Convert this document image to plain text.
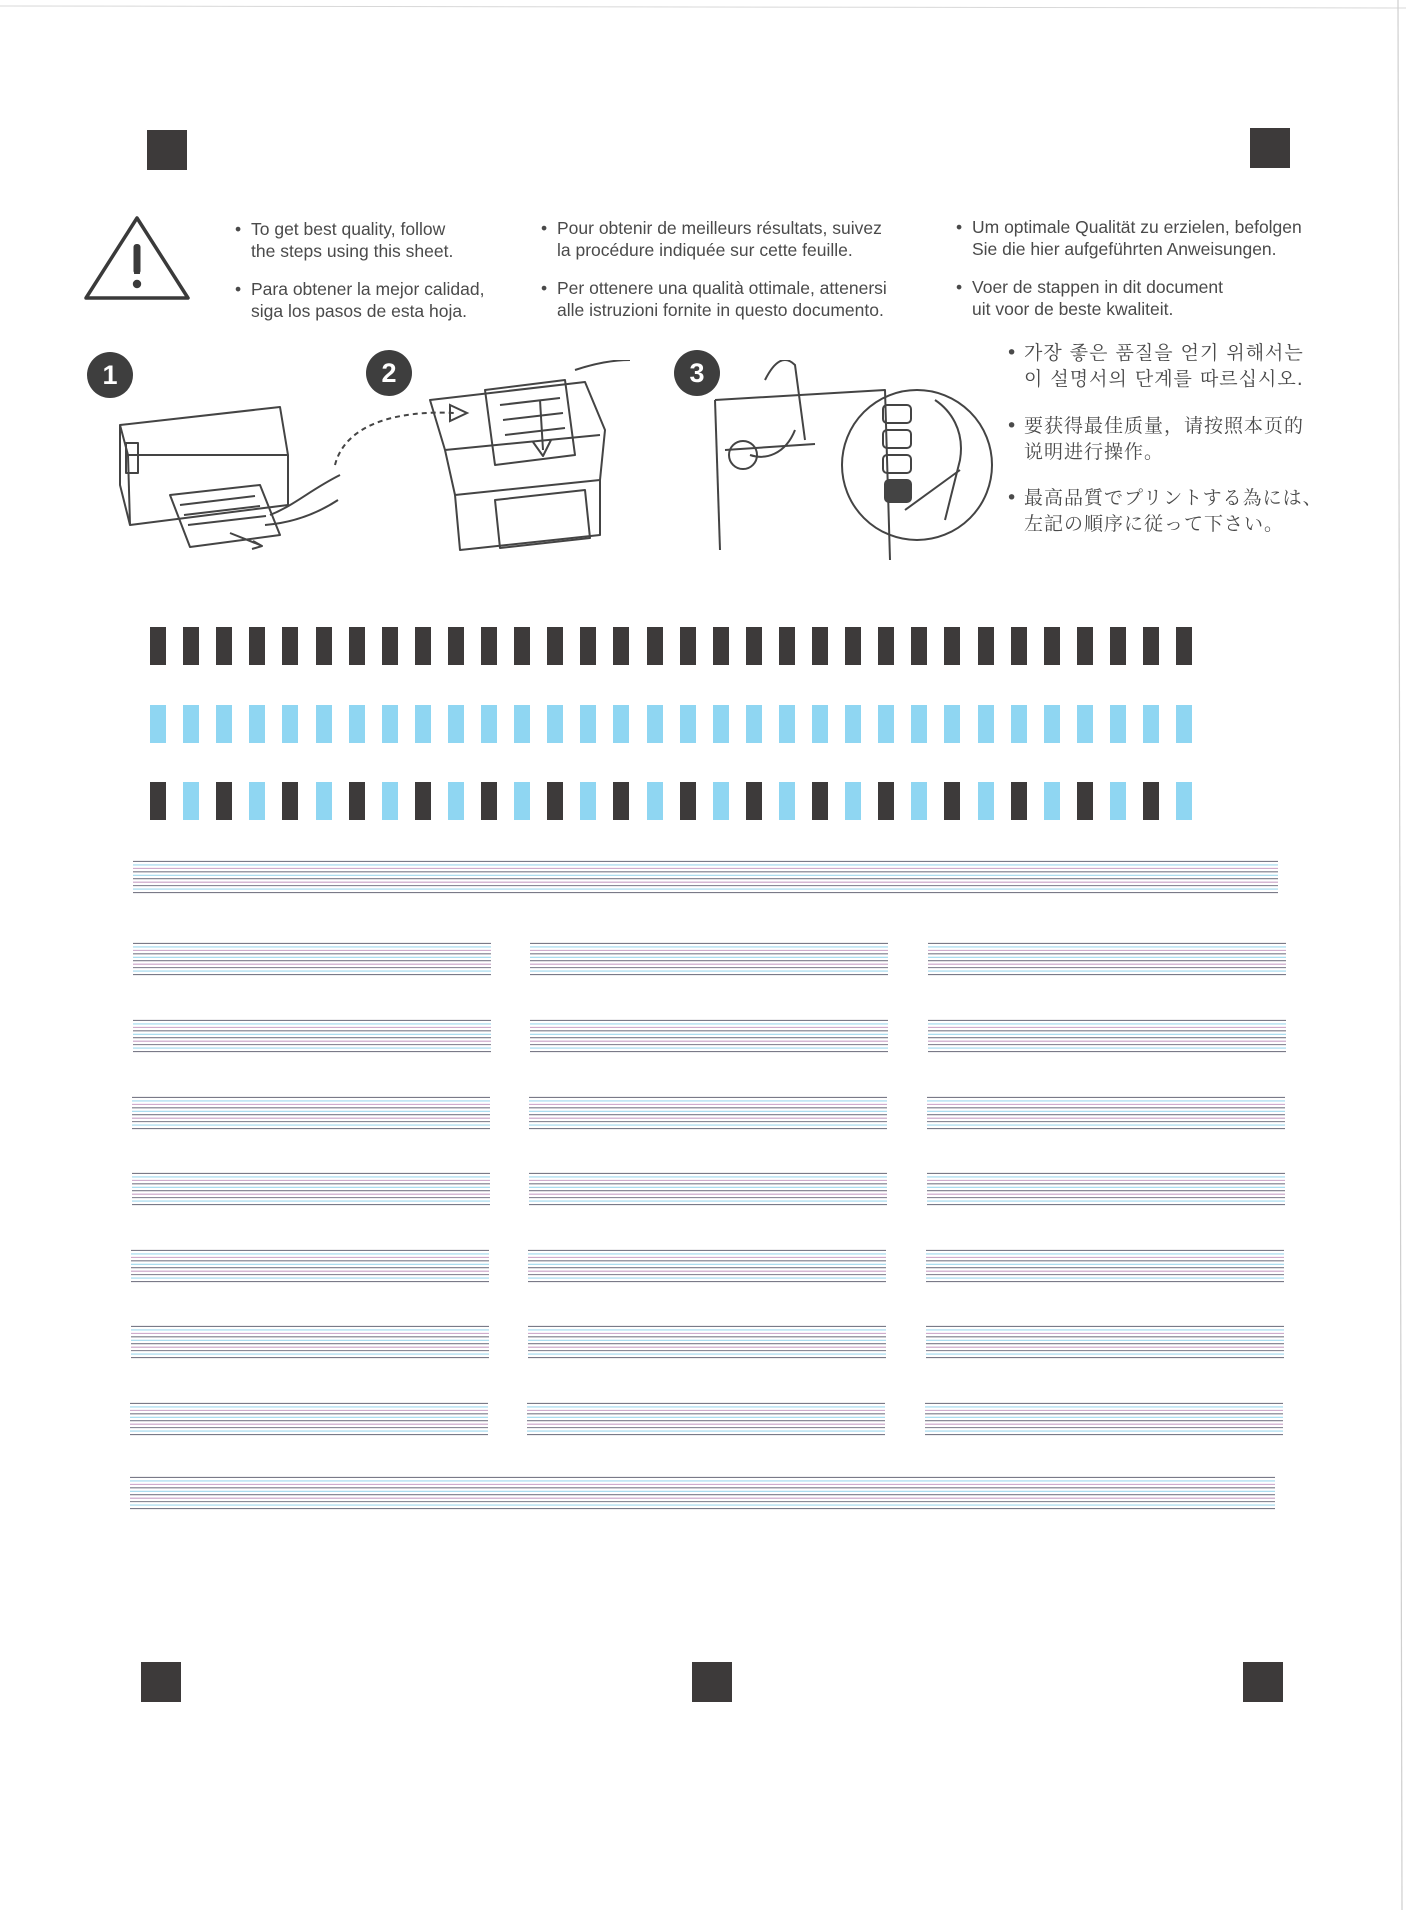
• To get best quality, follow
the steps using this sheet.
• Para obtener la mejor calidad,
siga los pasos de esta hoja.
• Pour obtenir de meilleurs résultats, suivez
la procédure indiquée sur cette feuille.
• Per ottenere una qualità ottimale, attenersi
alle istruzioni fornite in questo documento.
• Um optimale Qualität zu erzielen, befolgen
Sie die hier aufgeführten Anweisungen.
• Voer de stappen in dit document
uit voor de beste kwaliteit.
• 가장 좋은 품질을 얻기 위해서는
이 설명서의 단계를 따르십시오.
• 要获得最佳质量，请按照本页的
说明进行操作。
• 最高品質でプリントする為には、
左記の順序に従って下さい。
1	2	3
